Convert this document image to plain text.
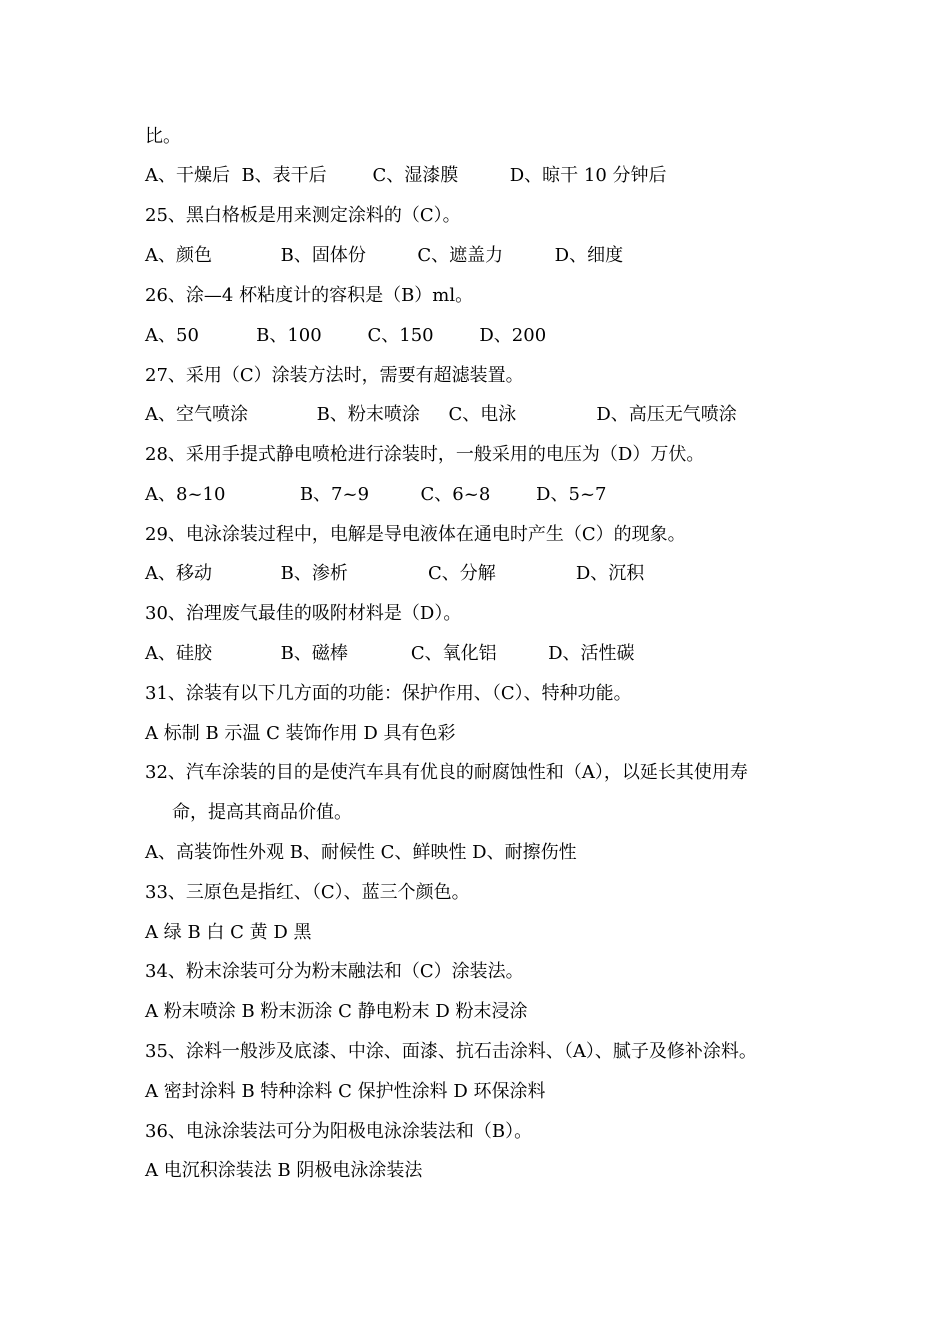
比。
A、干燥后  B、表干后        C、湿漆膜         D、晾干 10 分钟后
25、黑白格板是用来测定涂料的（C）。
A、颜色            B、固体份         C、遮盖力         D、细度
26、涂—4 杯粘度计的容积是（B）ml。
A、50          B、100        C、150        D、200
27、采用（C）涂装方法时，需要有超滤装置。
A、空气喷涂            B、粉末喷涂     C、电泳              D、高压无气喷涂
28、采用手提式静电喷枪进行涂装时，一般采用的电压为（D）万伏。
A、8~10             B、7~9         C、6~8        D、5~7
29、电泳涂装过程中，电解是导电液体在通电时产生（C）的现象。
A、移动            B、渗析              C、分解              D、沉积
30、治理废气最佳的吸附材料是（D）。
A、硅胶            B、磁棒           C、氧化铝         D、活性碳
31、涂装有以下几方面的功能：保护作用、（C）、特种功能。
A 标制 B 示温 C 装饰作用 D 具有色彩
32、汽车涂装的目的是使汽车具有优良的耐腐蚀性和（A），以延长其使用寿
命，提高其商品价值。
A、高装饰性外观 B、耐候性 C、鲜映性 D、耐擦伤性
33、三原色是指红、（C）、蓝三个颜色。
A 绿 B 白 C 黄 D 黑
34、粉末涂装可分为粉末融法和（C）涂装法。
A 粉末喷涂 B 粉末沥涂 C 静电粉末 D 粉末浸涂
35、涂料一般涉及底漆、中涂、面漆、抗石击涂料、（A）、腻子及修补涂料。
A 密封涂料 B 特种涂料 C 保护性涂料 D 环保涂料
36、电泳涂装法可分为阳极电泳涂装法和（B）。
A 电沉积涂装法 B 阴极电泳涂装法
